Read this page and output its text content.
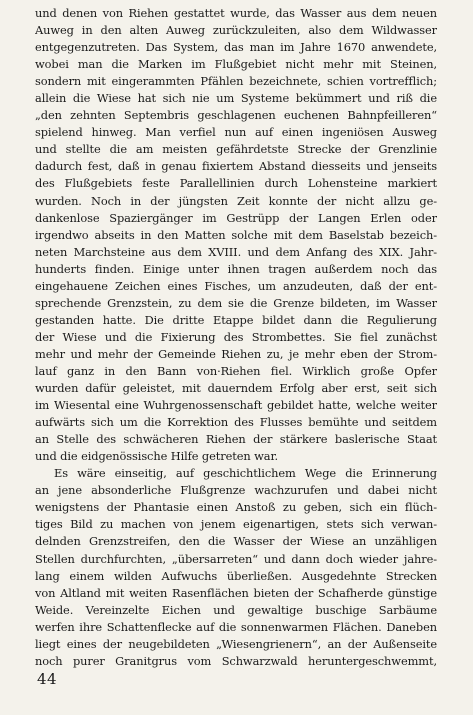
und denen von Riehen gestattet wurde, das Wasser aus dem neuen
Auweg in den alten Auweg zurückzuleiten, also dem Wildwasser
entgegenzutreten. Das System, das man im Jahre 1670 anwendete,
wobei man die Marken im Flußgebiet nicht mehr mit Steinen,
sondern mit eingerammten Pfählen bezeichnete, schien vortrefflich;
allein die Wiese hat sich nie um Systeme bekümmert und riß die
„den zehnten Septembris geschlagenen euchenen Bahnpfeilleren“
spielend hinweg. Man verfiel nun auf einen ingeniösen Ausweg
und stellte die am meisten gefährdetste Strecke der Grenzlinie
dadurch fest, daß in genau fixiertem Abstand diesseits und jenseits
des Flußgebiets feste Parallellinien durch Lohensteine markiert
wurden. Noch in der jüngsten Zeit konnte der nicht allzu ge-
dankenlose Spaziergänger im Gestrüpp der Langen Erlen oder
irgendwo abseits in den Matten solche mit dem Baselstab bezeich-
neten Marchsteine aus dem XVIII. und dem Anfang des XIX. Jahr-
hunderts finden. Einige unter ihnen tragen außerdem noch das
eingehauene Zeichen eines Fisches, um anzudeuten, daß der ent-
sprechende Grenzstein, zu dem sie die Grenze bildeten, im Wasser
gestanden hatte. Die dritte Etappe bildet dann die Regulierung
der Wiese und die Fixierung des Strombettes. Sie fiel zunächst
mehr und mehr der Gemeinde Riehen zu, je mehr eben der Strom-
lauf ganz in den Bann von·Riehen fiel. Wirklich große Opfer
wurden dafür geleistet, mit dauerndem Erfolg aber erst, seit sich
im Wiesental eine Wuhrgenossenschaft gebildet hatte, welche weiter
aufwärts sich um die Korrektion des Flusses bemühte und seitdem
an Stelle des schwächeren Riehen der stärkere baslerische Staat
und die eidgenössische Hilfe getreten war.
Es wäre einseitig, auf geschichtlichem Wege die Erinnerung
an jene absonderliche Flußgrenze wachzurufen und dabei nicht
wenigstens der Phantasie einen Anstoß zu geben, sich ein flüch-
tiges Bild zu machen von jenem eigenartigen, stets sich verwan-
delnden Grenzstreifen, den die Wasser der Wiese an unzähligen
Stellen durchfurchten, „übersarreten“ und dann doch wieder jahre-
lang einem wilden Aufwuchs überließen. Ausgedehnte Strecken
von Altland mit weiten Rasenflächen bieten der Schafherde günstige
Weide. Vereinzelte Eichen und gewaltige buschige Sarbäume
werfen ihre Schattenflecke auf die sonnenwarmen Flächen. Daneben
liegt eines der neugebildeten „Wiesengrienern“, an der Außenseite
noch purer Granitgrus vom Schwarzwald heruntergeschwemmt,
44
